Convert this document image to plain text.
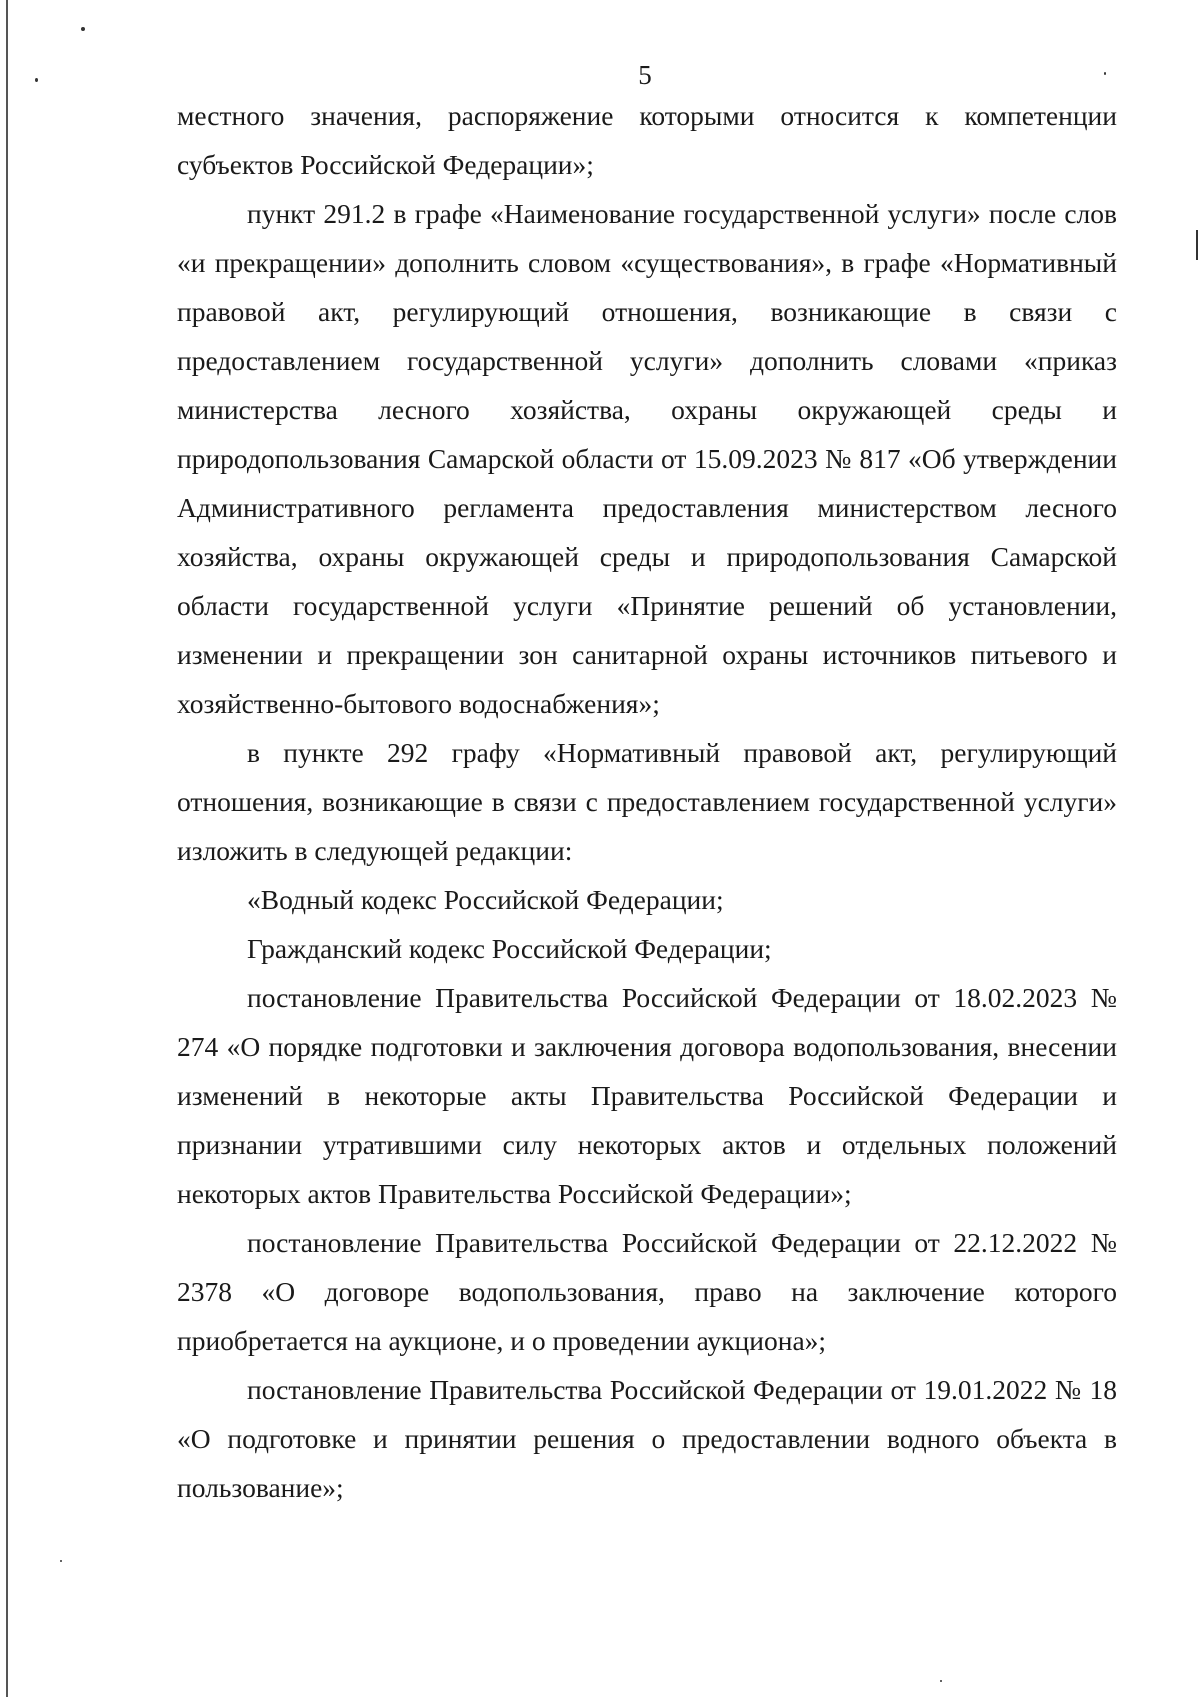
5

местного значения, распоряжение которыми относится к компетенции субъектов Российской Федерации»;

пункт 291.2 в графе «Наименование государственной услуги» после слов «и прекращении» дополнить словом «существования», в графе «Нормативный правовой акт, регулирующий отношения, возникающие в связи с предоставлением государственной услуги» дополнить словами «приказ министерства лесного хозяйства, охраны окружающей среды и природопользования Самарской области от 15.09.2023 № 817 «Об утверждении Административного регламента предоставления министерством лесного хозяйства, охраны окружающей среды и природопользования Самарской области государственной услуги «Принятие решений об установлении, изменении и прекращении зон санитарной охраны источников питьевого и хозяйственно-бытового водоснабжения»;

в пункте 292 графу «Нормативный правовой акт, регулирующий отношения, возникающие в связи с предоставлением государственной услуги» изложить в следующей редакции:

«Водный кодекс Российской Федерации;

Гражданский кодекс Российской Федерации;

постановление Правительства Российской Федерации от 18.02.2023 № 274 «О порядке подготовки и заключения договора водопользования, внесении изменений в некоторые акты Правительства Российской Федерации и признании утратившими силу некоторых актов и отдельных положений некоторых актов Правительства Российской Федерации»;

постановление Правительства Российской Федерации от 22.12.2022 № 2378 «О договоре водопользования, право на заключение которого приобретается на аукционе, и о проведении аукциона»;

постановление Правительства Российской Федерации от 19.01.2022 № 18 «О подготовке и принятии решения о предоставлении водного объекта в пользование»;
